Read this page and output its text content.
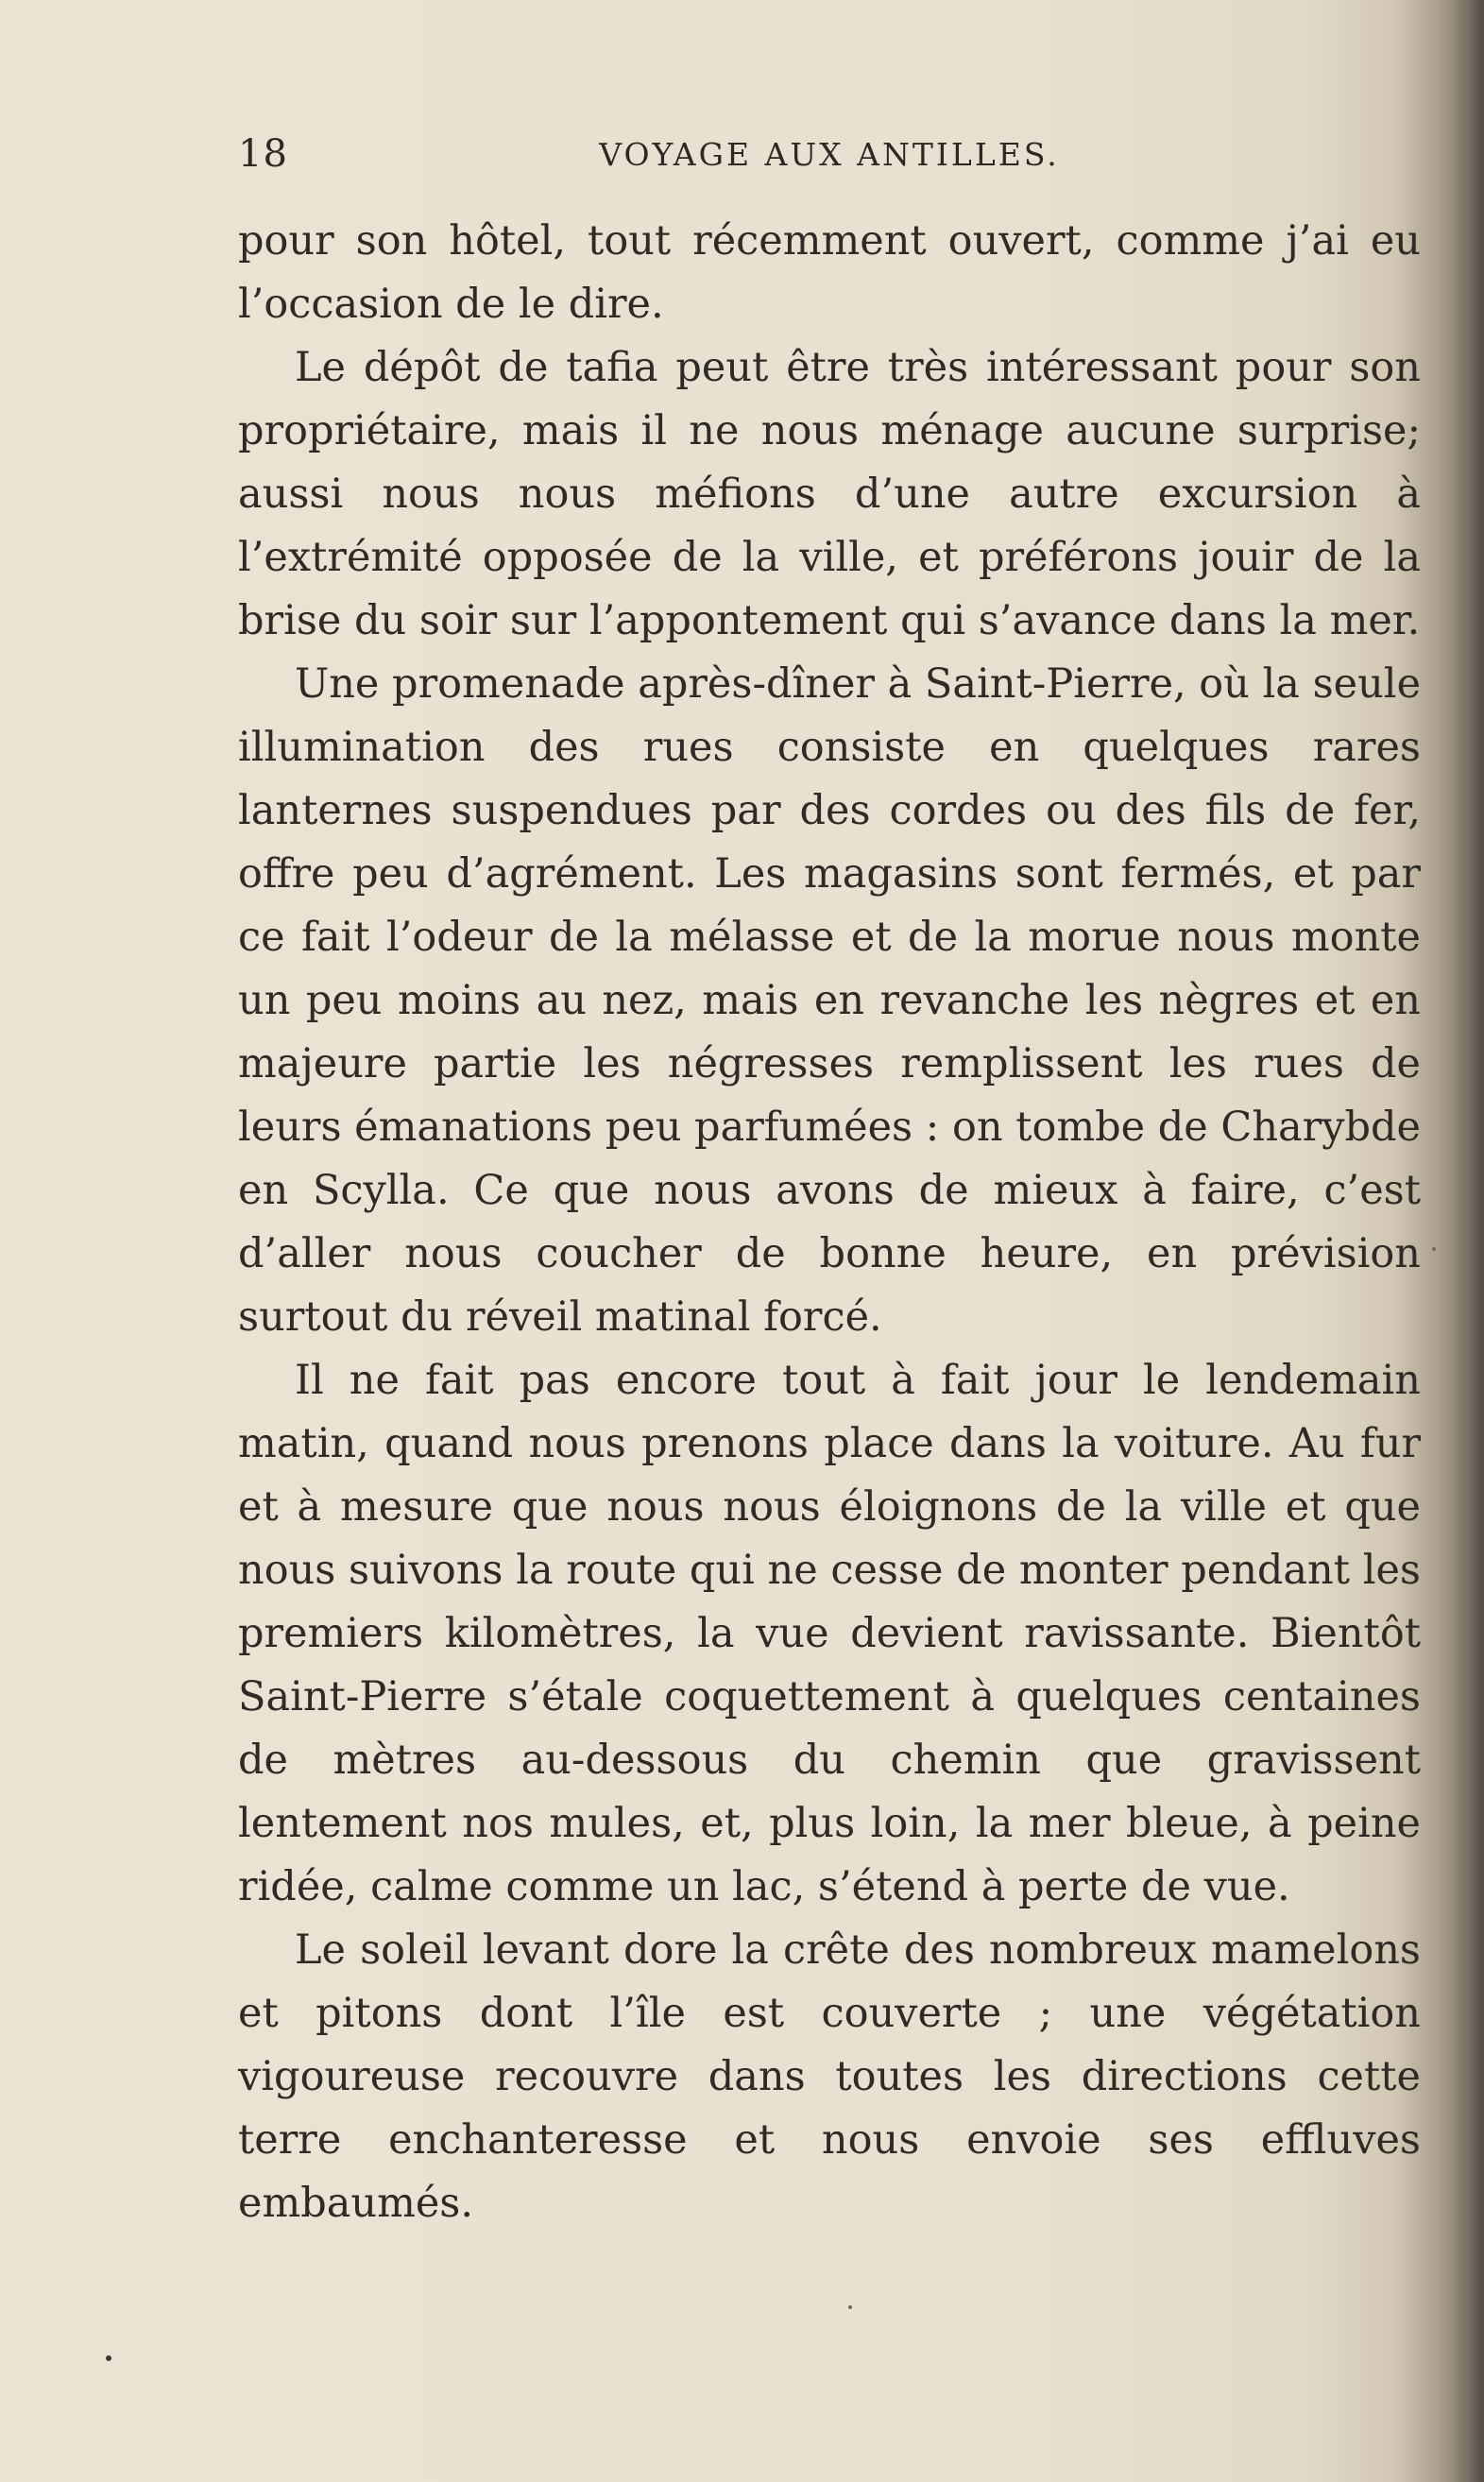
18	VOYAGE AUX ANTILLES.

pour son hôtel, tout récemment ouvert, comme j’ai eu l’occasion de le dire.

Le dépôt de tafia peut être très intéressant pour son propriétaire, mais il ne nous ménage aucune surprise; aussi nous nous méfions d’une autre excursion à l’extrémité opposée de la ville, et préférons jouir de la brise du soir sur l’appontement qui s’avance dans la mer.

Une promenade après-dîner à Saint-Pierre, où la seule illumination des rues consiste en quelques rares lanternes suspendues par des cordes ou des fils de fer, offre peu d’agrément. Les magasins sont fermés, et par ce fait l’odeur de la mélasse et de la morue nous monte un peu moins au nez, mais en revanche les nègres et en majeure partie les négresses remplissent les rues de leurs émanations peu parfumées : on tombe de Charybde en Scylla. Ce que nous avons de mieux à faire, c’est d’aller nous coucher de bonne heure, en prévision surtout du réveil matinal forcé.

Il ne fait pas encore tout à fait jour le lendemain matin, quand nous prenons place dans la voiture. Au fur et à mesure que nous nous éloignons de la ville et que nous suivons la route qui ne cesse de monter pendant les premiers kilomètres, la vue devient ravissante. Bientôt Saint-Pierre s’étale coquettement à quelques centaines de mètres au-dessous du chemin que gravissent lentement nos mules, et, plus loin, la mer bleue, à peine ridée, calme comme un lac, s’étend à perte de vue.

Le soleil levant dore la crête des nombreux mamelons et pitons dont l’île est couverte ; une végétation vigoureuse recouvre dans toutes les directions cette terre enchanteresse et nous envoie ses effluves embaumés.
